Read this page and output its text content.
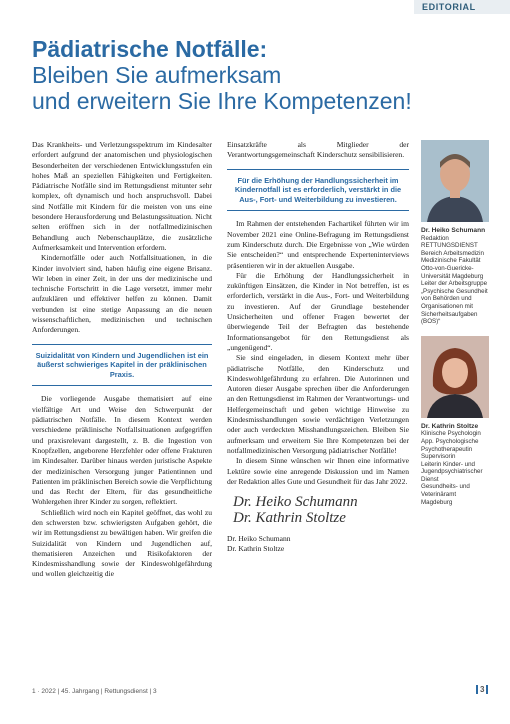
EDITORIAL
Pädiatrische Notfälle:
Bleiben Sie aufmerksam
und erweitern Sie Ihre Kompetenzen!

Das Krankheits- und Verletzungsspektrum im Kindesalter erfordert aufgrund der anatomischen und physiologischen Besonderheiten der verschiedenen Entwicklungsstufen ein hohes Maß an speziellen Fähigkeiten und Fertigkeiten. Pädiatrische Notfälle sind im Rettungsdienst mitunter sehr komplex, oft dynamisch und hoch anspruchsvoll. Dabei sind Notfälle mit Kindern für die meisten von uns eine besondere Herausforderung und Belastungssituation. Nicht selten eröffnen sich in der notfallmedizinischen Behandlung auch Nebenschauplätze, die zusätzliche Aufmerksamkeit und Intervention erfordern.

Kindernotfälle oder auch Notfallsituationen, in die Kinder involviert sind, haben häufig eine eigene Brisanz. Wir leben in einer Zeit, in der uns der medizinische und technische Fortschritt in die Lage versetzt, immer mehr aufzuklären und effektiver helfen zu können. Damit verbunden ist eine stetige Anpassung an die neuen wissenschaftlichen, medizinischen und technischen Anforderungen.

Suizidalität von Kindern und Jugendlichen ist ein äußerst schwieriges Kapitel in der präklinischen Praxis.

Die vorliegende Ausgabe thematisiert auf eine vielfältige Art und Weise den Schwerpunkt der pädiatrischen Notfälle. In diesem Kontext werden verschiedene präklinische Notfallsituationen aufgegriffen und praxisrelevant dargestellt, z. B. die Ingestion von Knopfzellen, angeborene Herzfehler oder offene Frakturen im Kindesalter. Darüber hinaus werden juristische Aspekte der medizinischen Versorgung junger Patientinnen und Patienten im präklinischen Bereich sowie die Verpflichtung und das Recht der Eltern, für das gesundheitliche Wohlergehen ihrer Kinder zu sorgen, reflektiert.

Schließlich wird noch ein Kapitel geöffnet, das wohl zu den schwersten bzw. schwierigsten Aufgaben gehört, die wir im Rettungsdienst zu bewältigen haben. Wir greifen die Suizidalität von Kindern und Jugendlichen auf, thematisieren Anzeichen und Risikofaktoren der Kindesmisshandlung sowie der Kindeswohlgefährdung und wollen gleichzeitig die

Einsatzkräfte als Mitglieder der Verantwortungsgemeinschaft Kinderschutz sensibilisieren.

Für die Erhöhung der Handlungssicherheit im Kindernotfall ist es erforderlich, verstärkt in die Aus-, Fort- und Weiterbildung zu investieren.

Im Rahmen der entstehenden Fachartikel führten wir im November 2021 eine Online-Befragung im Rettungsdienst zum Kinderschutz durch. Die Ergebnisse von „Wie würden Sie entscheiden?“ und entsprechende Experteninterviews präsentieren wir in der aktuellen Ausgabe.

Für die Erhöhung der Handlungssicherheit in zukünftigen Einsätzen, die Kinder in Not betreffen, ist es erforderlich, verstärkt in die Aus-, Fort- und Weiterbildung zu investieren. Auf der Grundlage bestehender Unsicherheiten und offener Fragen bewertet der überwiegende Teil der Befragten das bestehende Informationsangebot für den Rettungsdienst als „ungenügend“.

Sie sind eingeladen, in diesem Kontext mehr über pädiatrische Notfälle, den Kinderschutz und Kindeswohlgefährdung zu erfahren. Die Autorinnen und Autoren dieser Ausgabe sprechen über die Anforderungen an den Rettungsdienst im Rahmen der Verantwortungs- und Helfergemeinschaft und geben wichtige Hinweise zu Kindesmisshandlungen sowie verdächtigen Verletzungen oder auch verdeckten Misshandlungszeichen. Bleiben Sie aufmerksam und erweitern Sie Ihre Kompetenzen bei der notfallmedizinischen Versorgung pädiatrischer Notfälle!

In diesem Sinne wünschen wir Ihnen eine informative Lektüre sowie eine anregende Diskussion und im Namen der Redaktion alles Gute und Gesundheit für das Jahr 2022.

Dr. Heiko Schumann
Dr. Kathrin Stoltze
Dr. Heiko Schumann
Dr. Kathrin Stoltze
Dr. Heiko Schumann
Redaktion
RETTUNGSDIENST
Bereich Arbeitsmedizin
Medizinische Fakultät
Otto-von-Guericke-
Universität Magdeburg
Leiter der Arbeitsgruppe
„Psychische Gesundheit
von Behörden und
Organisationen mit
Sicherheitsaufgaben
(BOS)“
Dr. Kathrin Stoltze
Klinische Psychologin
App. Psychologische
Psychotherapeutin
Supervisorin
Leiterin Kinder- und
Jugendpsychiatrischer
Dienst
Gesundheits- und
Veterinäramt
Magdeburg
1 · 2022 | 45. Jahrgang | Rettungsdienst | 3	3
